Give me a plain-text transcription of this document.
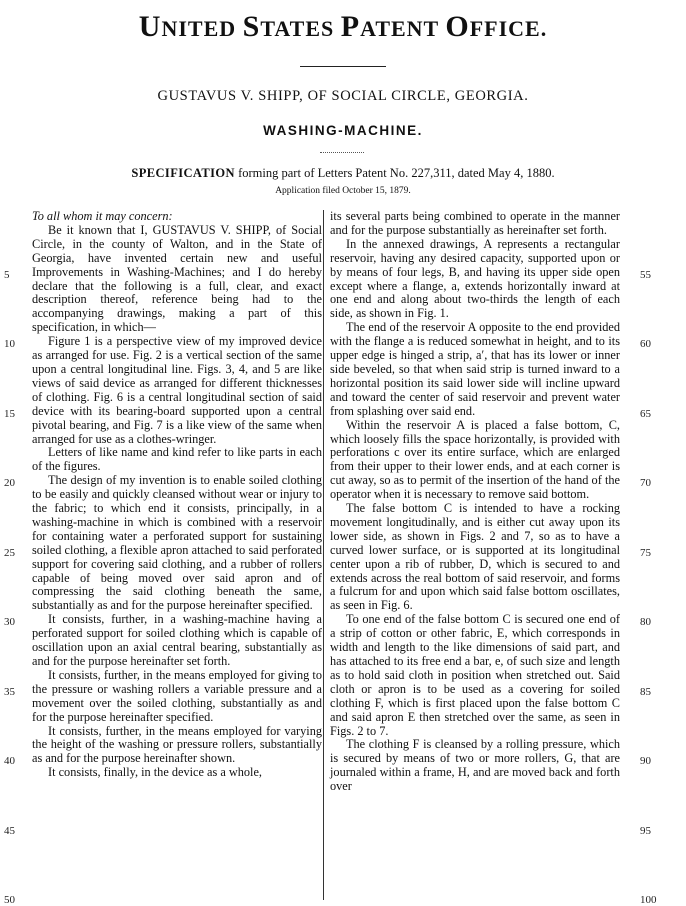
UNITED STATES PATENT OFFICE.
GUSTAVUS V. SHIPP, OF SOCIAL CIRCLE, GEORGIA.
WASHING-MACHINE.
SPECIFICATION forming part of Letters Patent No. 227,311, dated May 4, 1880.
Application filed October 15, 1879.

To all whom it may concern:

Be it known that I, GUSTAVUS V. SHIPP, of Social Circle, in the county of Walton, and in the State of Georgia, have invented certain new and useful Improvements in Washing-Machines; and I do hereby declare that the following is a full, clear, and exact description thereof, reference being had to the accompanying drawings, making a part of this specification, in which—

Figure 1 is a perspective view of my improved device as arranged for use. Fig. 2 is a vertical section of the same upon a central longitudinal line. Figs. 3, 4, and 5 are like views of said device as arranged for different thicknesses of clothing. Fig. 6 is a central longitudinal section of said device with its bearing-board supported upon a central pivotal bearing, and Fig. 7 is a like view of the same when arranged for use as a clothes-wringer.

Letters of like name and kind refer to like parts in each of the figures.

The design of my invention is to enable soiled clothing to be easily and quickly cleansed without wear or injury to the fabric; to which end it consists, principally, in a washing-machine in which is combined with a reservoir for containing water a perforated support for sustaining soiled clothing, a flexible apron attached to said perforated support for covering said clothing, and a rubber of rollers capable of being moved over said apron and of compressing the said clothing beneath the same, substantially as and for the purpose hereinafter specified.

It consists, further, in a washing-machine having a perforated support for soiled clothing which is capable of oscillation upon an axial central bearing, substantially as and for the purpose hereinafter set forth.

It consists, further, in the means employed for giving to the pressure or washing rollers a variable pressure and a movement over the soiled clothing, substantially as and for the purpose hereinafter specified.

It consists, further, in the means employed for varying the height of the washing or pressure rollers, substantially as and for the purpose hereinafter shown.

It consists, finally, in the device as a whole,

its several parts being combined to operate in the manner and for the purpose substantially as hereinafter set forth.

In the annexed drawings, A represents a rectangular reservoir, having any desired capacity, supported upon or by means of four legs, B, and having its upper side open except where a flange, a, extends horizontally inward at one end and along about two-thirds the length of each side, as shown in Fig. 1.

The end of the reservoir A opposite to the end provided with the flange a is reduced somewhat in height, and to its upper edge is hinged a strip, a′, that has its lower or inner side beveled, so that when said strip is turned inward to a horizontal position its said lower side will incline upward and toward the center of said reservoir and prevent water from splashing over said end.

Within the reservoir A is placed a false bottom, C, which loosely fills the space horizontally, is provided with perforations c over its entire surface, which are enlarged from their upper to their lower ends, and at each corner is cut away, so as to permit of the insertion of the hand of the operator when it is necessary to remove said bottom.

The false bottom C is intended to have a rocking movement longitudinally, and is either cut away upon its lower side, as shown in Figs. 2 and 7, so as to have a curved lower surface, or is supported at its longitudinal center upon a rib of rubber, D, which is secured to and extends across the real bottom of said reservoir, and forms a fulcrum for and upon which said false bottom oscillates, as seen in Fig. 6.

To one end of the false bottom C is secured one end of a strip of cotton or other fabric, E, which corresponds in width and length to the like dimensions of said part, and has attached to its free end a bar, e, of such size and length as to hold said cloth in position when stretched out. Said cloth or apron is to be used as a covering for soiled clothing F, which is first placed upon the false bottom C and said apron E then stretched over the same, as seen in Figs. 2 to 7.

The clothing F is cleansed by a rolling pressure, which is secured by means of two or more rollers, G, that are journaled within a frame, H, and are moved back and forth over

5
10
15
20
25
30
35
40
45
50
55
60
65
70
75
80
85
90
95
100
